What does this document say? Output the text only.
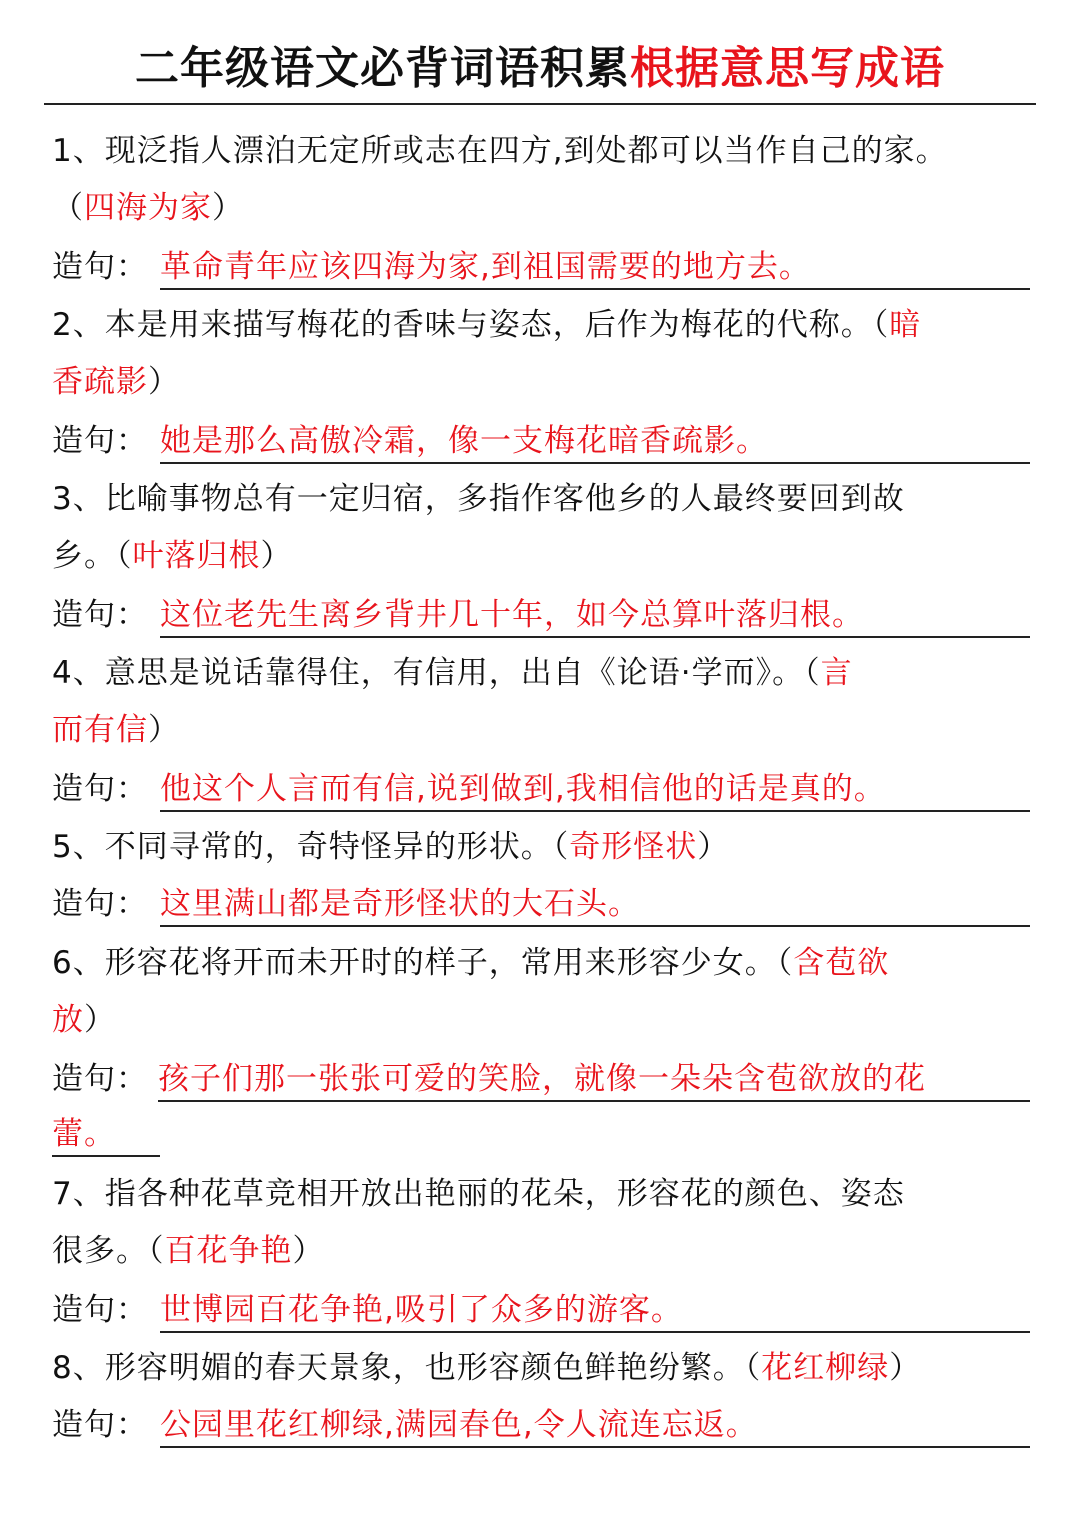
二年级语文必背词语积累根据意思写成语
1、现泛指人漂泊无定所或志在四方,到处都可以当作自己的家。
（四海为家）
造句： 革命青年应该四海为家,到祖国需要的地方去。
2、本是用来描写梅花的香味与姿态，后作为梅花的代称。（暗
香疏影）
造句： 她是那么高傲冷霜，像一支梅花暗香疏影。
3、比喻事物总有一定归宿，多指作客他乡的人最终要回到故
乡。（叶落归根）
造句： 这位老先生离乡背井几十年，如今总算叶落归根。
4、意思是说话靠得住，有信用，出自《论语·学而》。（言
而有信）
造句： 他这个人言而有信,说到做到,我相信他的话是真的。
5、不同寻常的，奇特怪异的形状。（奇形怪状）
造句： 这里满山都是奇形怪状的大石头。
6、形容花将开而未开时的样子，常用来形容少女。（含苞欲
放）
造句： 孩子们那一张张可爱的笑脸，就像一朵朵含苞欲放的花
蕾。
7、指各种花草竞相开放出艳丽的花朵，形容花的颜色、姿态
很多。（百花争艳）
造句： 世博园百花争艳,吸引了众多的游客。
8、形容明媚的春天景象，也形容颜色鲜艳纷繁。（花红柳绿）
造句： 公园里花红柳绿,满园春色,令人流连忘返。
